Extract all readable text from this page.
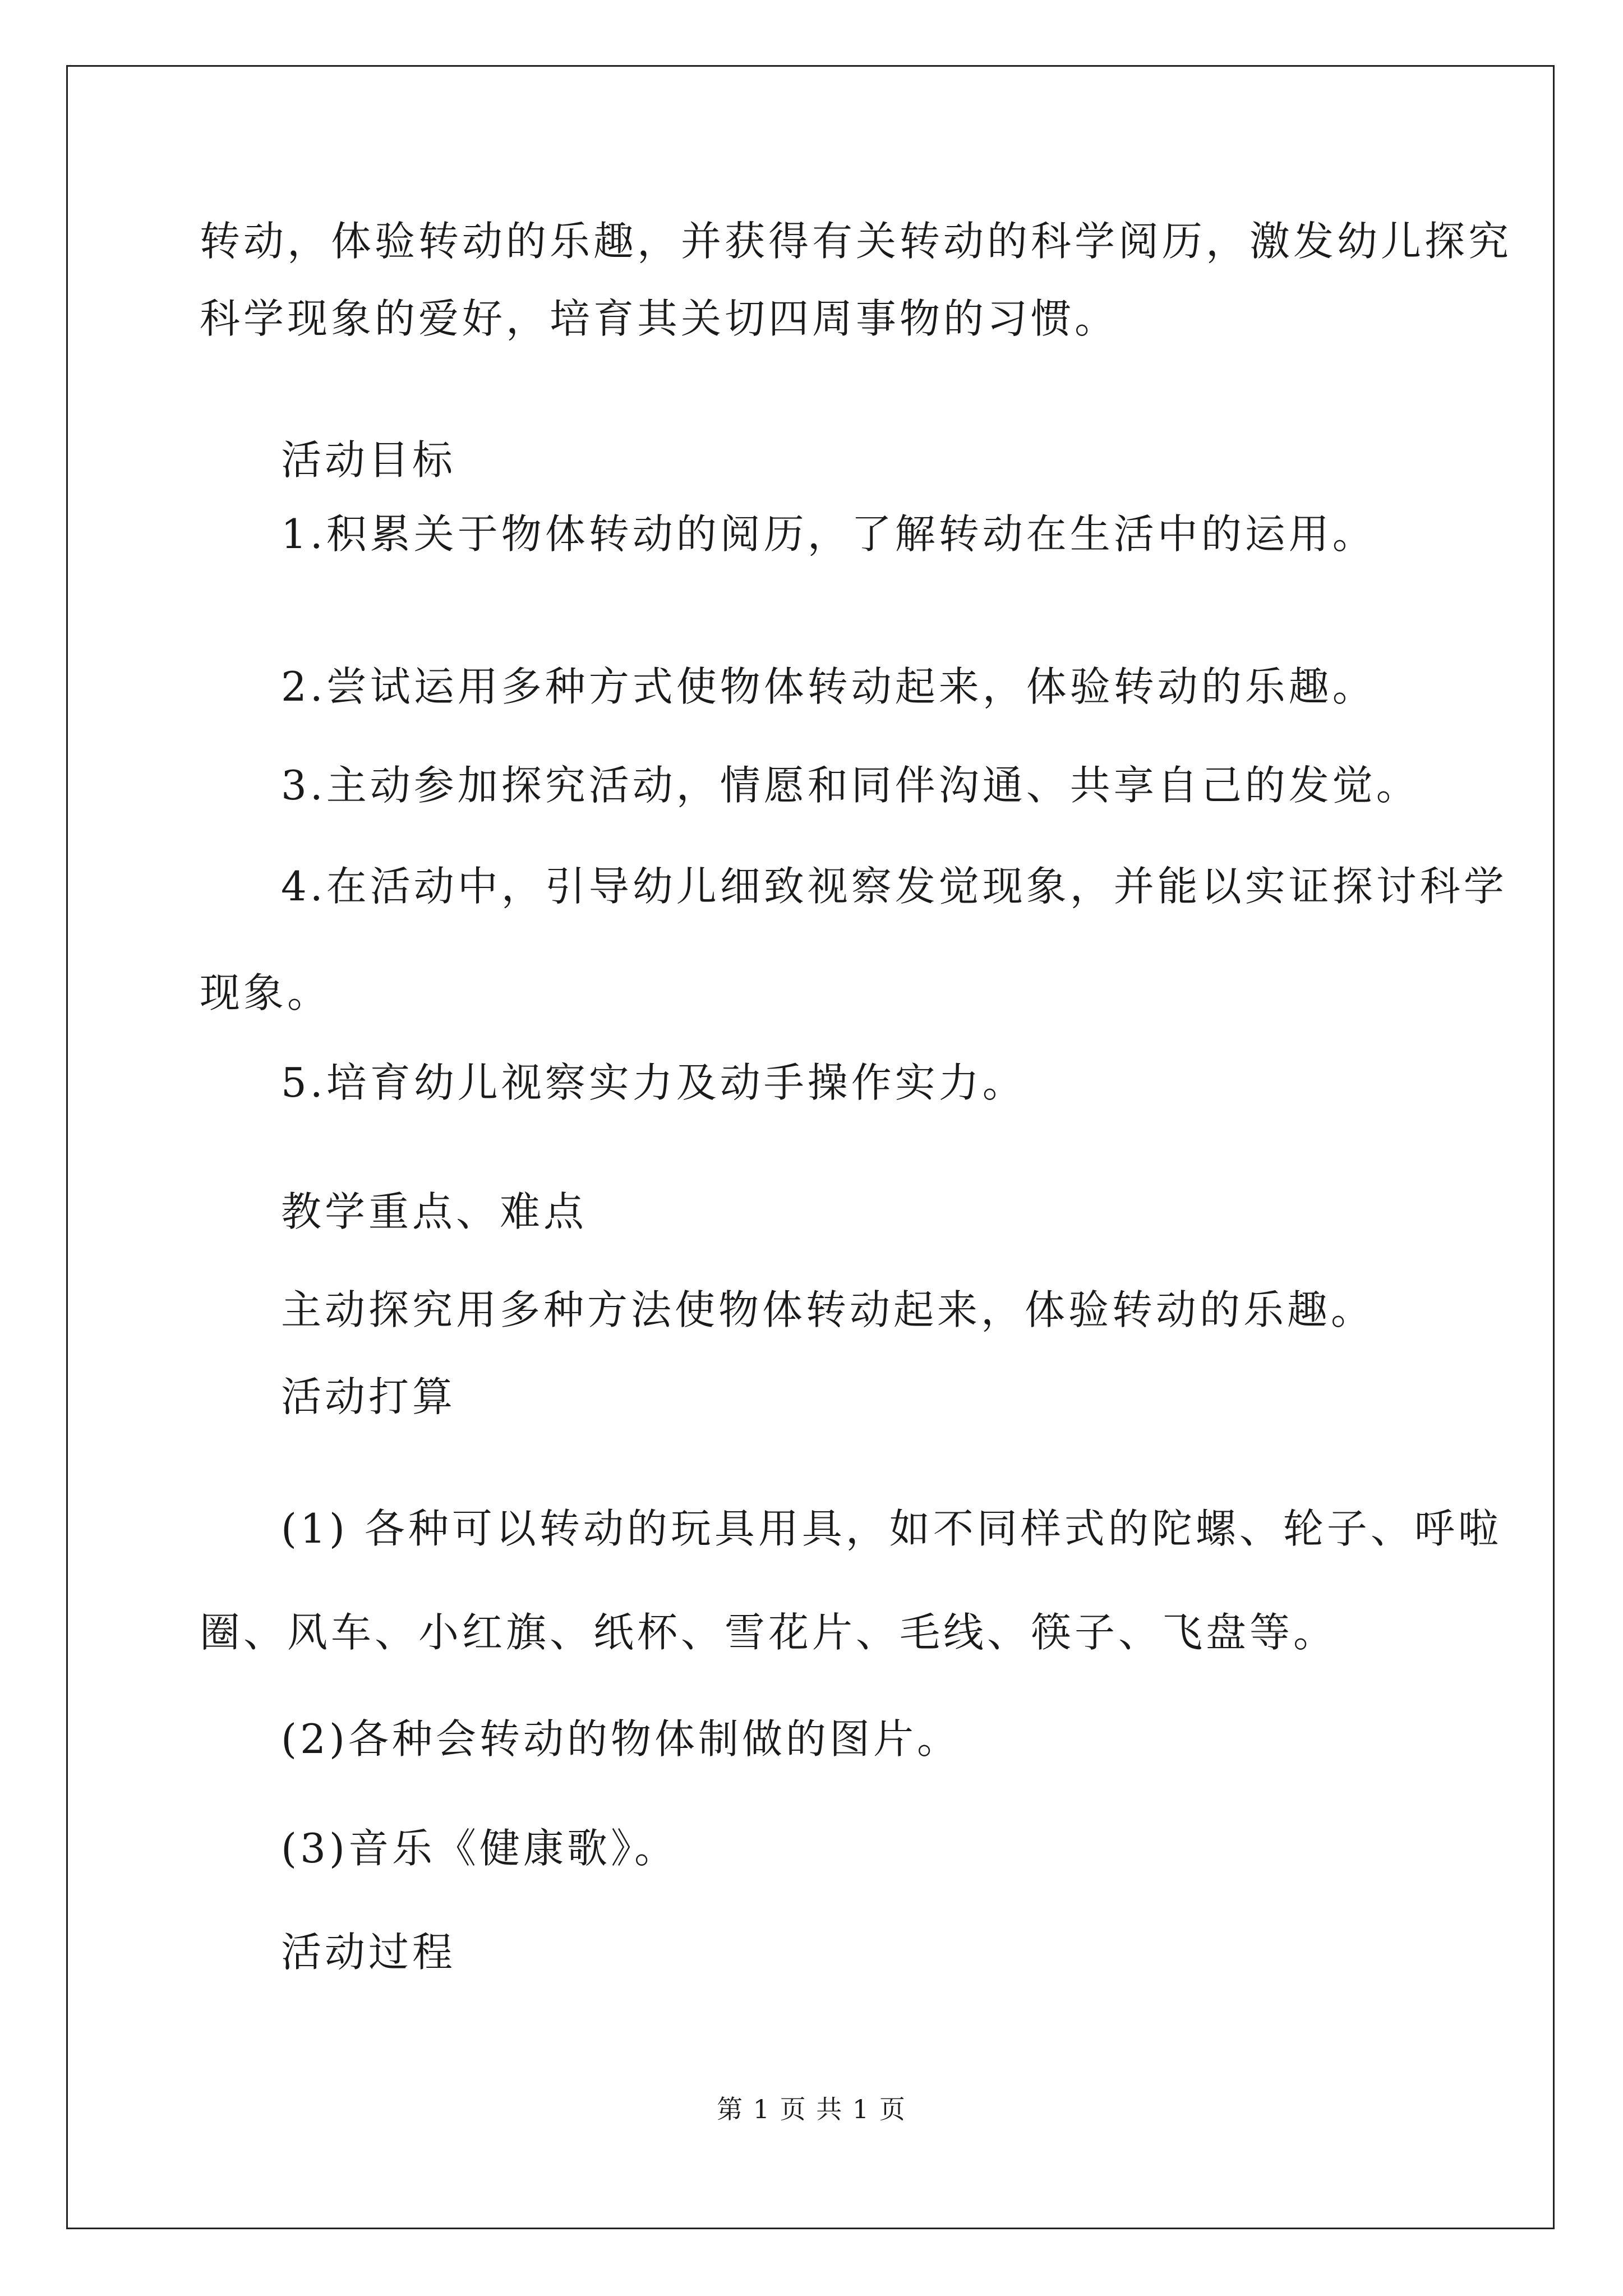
转动，体验转动的乐趣，并获得有关转动的科学阅历，激发幼儿探究
科学现象的爱好，培育其关切四周事物的习惯。
活动目标
1.积累关于物体转动的阅历，了解转动在生活中的运用。
2.尝试运用多种方式使物体转动起来，体验转动的乐趣。
3.主动参加探究活动，情愿和同伴沟通、共享自己的发觉。
4.在活动中，引导幼儿细致视察发觉现象，并能以实证探讨科学
现象。
5.培育幼儿视察实力及动手操作实力。
教学重点、难点
主动探究用多种方法使物体转动起来，体验转动的乐趣。
活动打算
(1) 各种可以转动的玩具用具，如不同样式的陀螺、轮子、呼啦
圈、风车、小红旗、纸杯、雪花片、毛线、筷子、飞盘等。
(2)各种会转动的物体制做的图片。
(3)音乐《健康歌》。
活动过程
第 1 页 共 1 页
